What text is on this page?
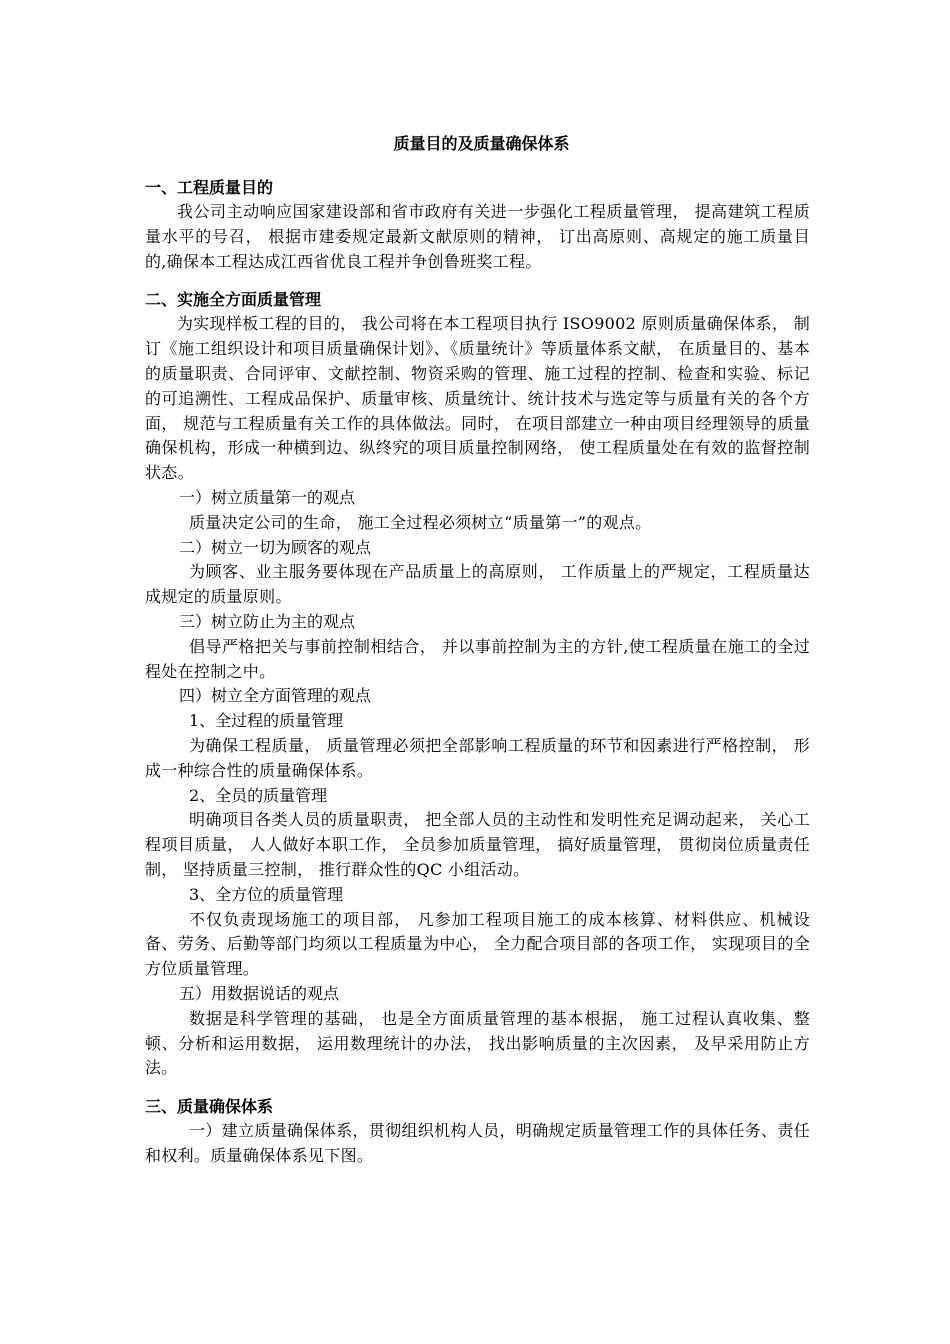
质量目的及质量确保体系
一、工程质量目的

我公司主动响应国家建设部和省市政府有关进一步强化工程质量管理， 提高建筑工程质量水平的号召， 根据市建委规定最新文献原则的精神， 订出高原则、高规定的施工质量目的,确保本工程达成江西省优良工程并争创鲁班奖工程。

二、实施全方面质量管理

为实现样板工程的目的， 我公司将在本工程项目执行 ISO9002 原则质量确保体系， 制订《施工组织设计和项目质量确保计划》、《质量统计》等质量体系文献， 在质量目的、基本的质量职责、合同评审、文献控制、物资采购的管理、施工过程的控制、检查和实验、标记的可追溯性、工程成品保护、质量审核、质量统计、统计技术与选定等与质量有关的各个方面， 规范与工程质量有关工作的具体做法。同时， 在项目部建立一种由项目经理领导的质量确保机构，形成一种横到边、纵终究的项目质量控制网络， 使工程质量处在有效的监督控制状态。

一）树立质量第一的观点

质量决定公司的生命， 施工全过程必须树立“质量第一”的观点。

二）树立一切为顾客的观点

为顾客、业主服务要体现在产品质量上的高原则， 工作质量上的严规定，工程质量达成规定的质量原则。

三）树立防止为主的观点

倡导严格把关与事前控制相结合， 并以事前控制为主的方针,使工程质量在施工的全过程处在控制之中。

四）树立全方面管理的观点
1、全过程的质量管理

为确保工程质量， 质量管理必须把全部影响工程质量的环节和因素进行严格控制， 形成一种综合性的质量确保体系。

2、全员的质量管理

明确项目各类人员的质量职责， 把全部人员的主动性和发明性充足调动起来， 关心工程项目质量， 人人做好本职工作， 全员参加质量管理， 搞好质量管理， 贯彻岗位质量责任制， 坚持质量三控制， 推行群众性的QC 小组活动。

3、全方位的质量管理

不仅负责现场施工的项目部， 凡参加工程项目施工的成本核算、材料供应、机械设备、劳务、后勤等部门均须以工程质量为中心， 全力配合项目部的各项工作， 实现项目的全方位质量管理。

五）用数据说话的观点

数据是科学管理的基础， 也是全方面质量管理的基本根据， 施工过程认真收集、整顿、分析和运用数据， 运用数理统计的办法， 找出影响质量的主次因素， 及早采用防止方法。

三、质量确保体系

一）建立质量确保体系，贯彻组织机构人员，明确规定质量管理工作的具体任务、责任和权利。质量确保体系见下图。
